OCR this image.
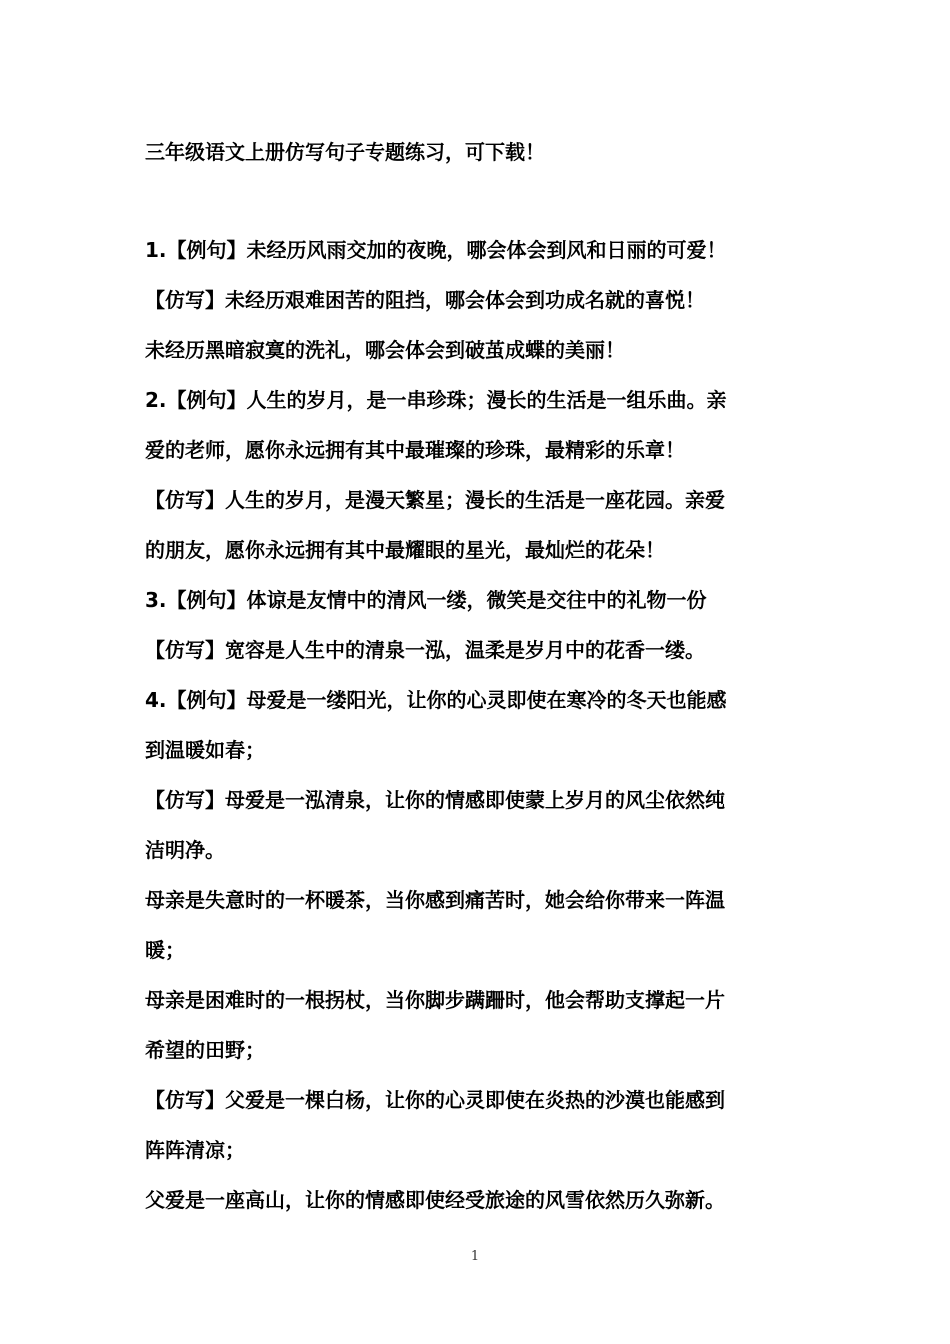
三年级语文上册仿写句子专题练习，可下载！
1.【例句】未经历风雨交加的夜晚，哪会体会到风和日丽的可爱！
【仿写】未经历艰难困苦的阻挡，哪会体会到功成名就的喜悦！
未经历黑暗寂寞的洗礼，哪会体会到破茧成蝶的美丽！
2.【例句】人生的岁月，是一串珍珠；漫长的生活是一组乐曲。亲
爱的老师，愿你永远拥有其中最璀璨的珍珠，最精彩的乐章！
【仿写】人生的岁月，是漫天繁星；漫长的生活是一座花园。亲爱
的朋友，愿你永远拥有其中最耀眼的星光，最灿烂的花朵！
3.【例句】体谅是友情中的清风一缕，微笑是交往中的礼物一份
【仿写】宽容是人生中的清泉一泓，温柔是岁月中的花香一缕。
4.【例句】母爱是一缕阳光，让你的心灵即使在寒冷的冬天也能感
到温暖如春；
【仿写】母爱是一泓清泉，让你的情感即使蒙上岁月的风尘依然纯
洁明净。
母亲是失意时的一杯暖茶，当你感到痛苦时，她会给你带来一阵温
暖；
母亲是困难时的一根拐杖，当你脚步蹒跚时，他会帮助支撑起一片
希望的田野；
【仿写】父爱是一棵白杨，让你的心灵即使在炎热的沙漠也能感到
阵阵清凉；
父爱是一座高山，让你的情感即使经受旅途的风雪依然历久弥新。
1
